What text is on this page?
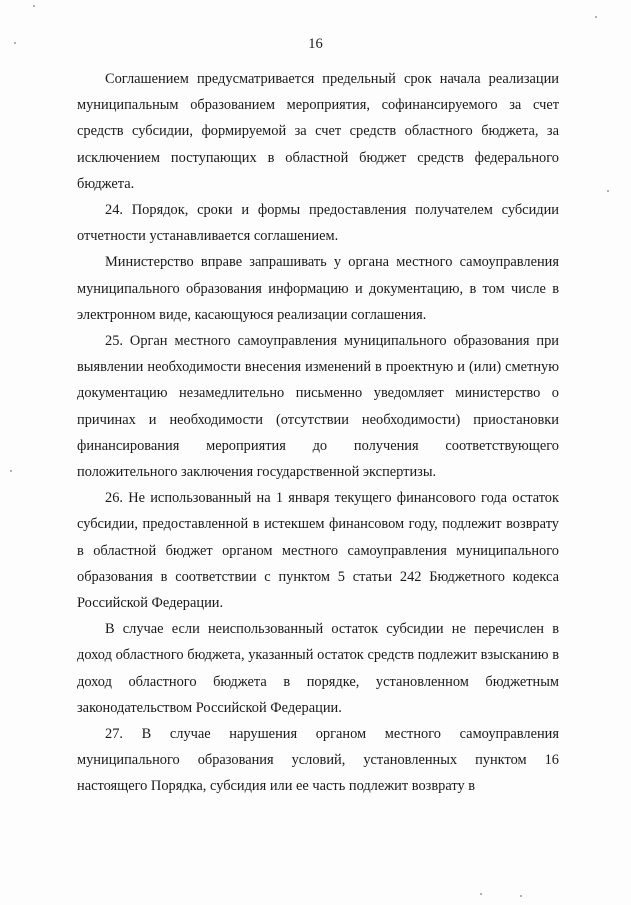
16

Соглашением предусматривается предельный срок начала реализации муниципальным образованием мероприятия, софинансируемого за счет средств субсидии, формируемой за счет средств областного бюджета, за исключением поступающих в областной бюджет средств федерального бюджета.

24. Порядок, сроки и формы предоставления получателем субсидии отчетности устанавливается соглашением.

Министерство вправе запрашивать у органа местного самоуправления муниципального образования информацию и документацию, в том числе в электронном виде, касающуюся реализации соглашения.

25. Орган местного самоуправления муниципального образования при выявлении необходимости внесения изменений в проектную и (или) сметную документацию незамедлительно письменно уведомляет министерство о причинах и необходимости (отсутствии необходимости) приостановки финансирования мероприятия до получения соответствующего положительного заключения государственной экспертизы.

26. Не использованный на 1 января текущего финансового года остаток субсидии, предоставленной в истекшем финансовом году, подлежит возврату в областной бюджет органом местного самоуправления муниципального образования в соответствии с пунктом 5 статьи 242 Бюджетного кодекса Российской Федерации.

В случае если неиспользованный остаток субсидии не перечислен в доход областного бюджета, указанный остаток средств подлежит взысканию в доход областного бюджета в порядке, установленном бюджетным законодательством Российской Федерации.

27. В случае нарушения органом местного самоуправления муниципального образования условий, установленных пунктом 16 настоящего Порядка, субсидия или ее часть подлежит возврату в
